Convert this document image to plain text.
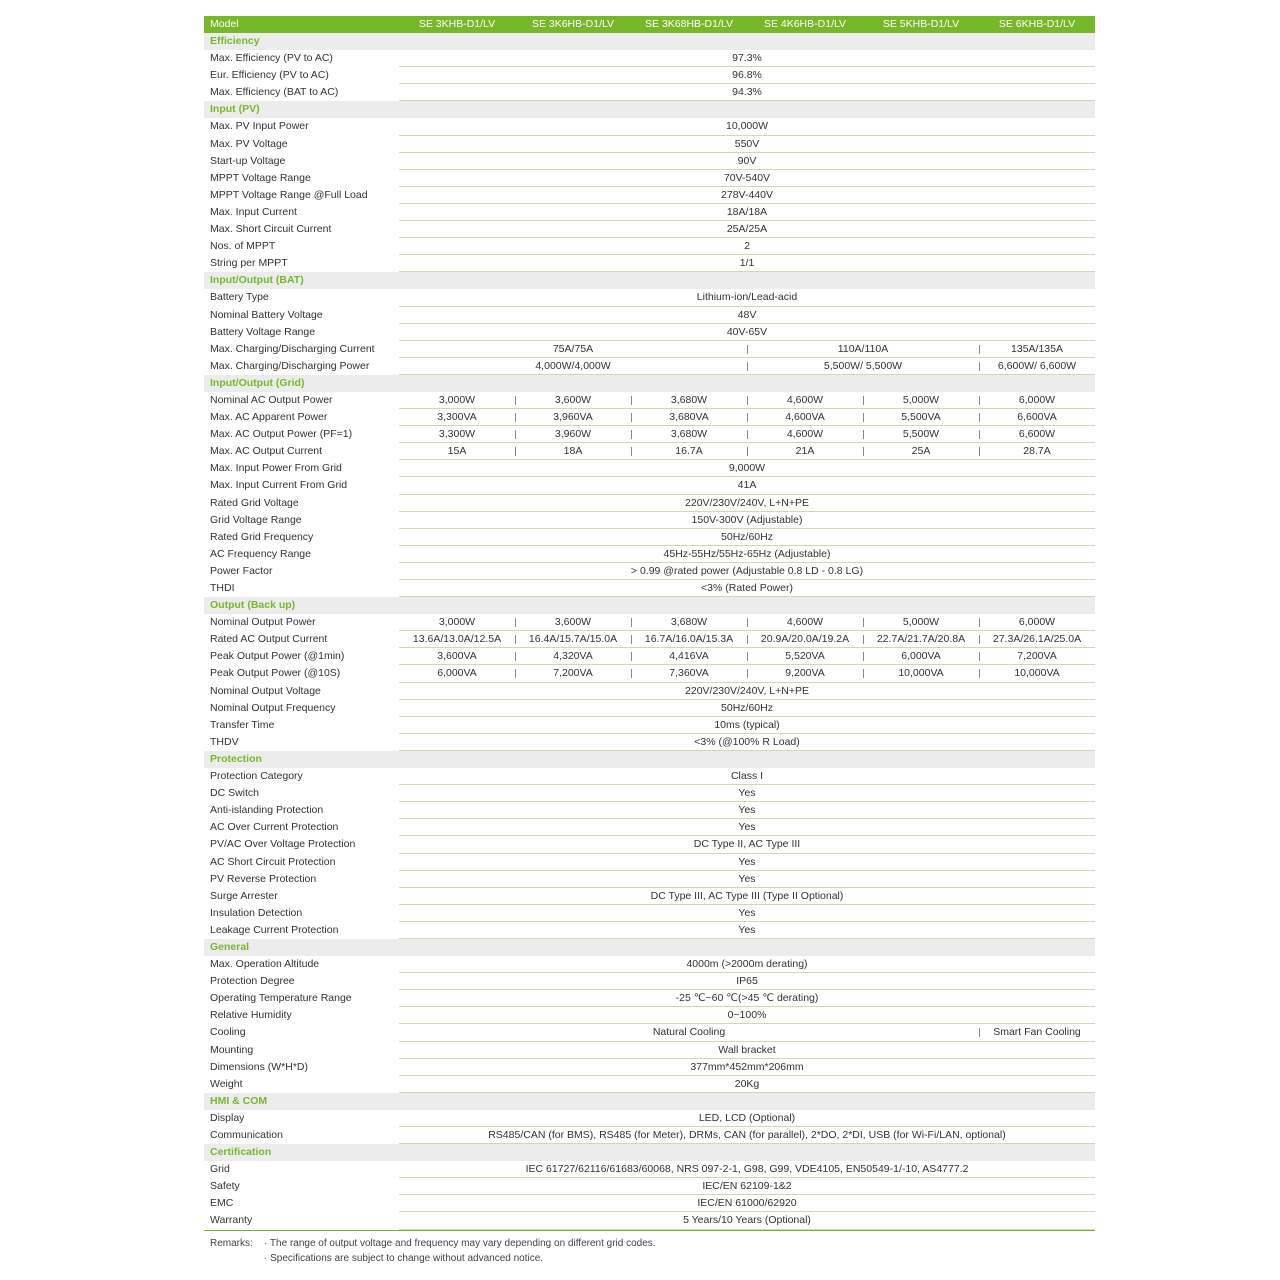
Model	SE 3KHB-D1/LV	SE 3K6HB-D1/LV	SE 3K68HB-D1/LV	SE 4K6HB-D1/LV	SE 5KHB-D1/LV	SE 6KHB-D1/LV
Efficiency
Max. Efficiency (PV to AC)	97.3%
Eur. Efficiency (PV to AC)	96.8%
Max. Efficiency (BAT to AC)	94.3%
Input (PV)
Max. PV Input Power	10,000W
Max. PV Voltage	550V
Start-up Voltage	90V
MPPT Voltage Range	70V-540V
MPPT Voltage Range @Full Load	278V-440V
Max. Input Current	18A/18A
Max. Short Circuit Current	25A/25A
Nos. of MPPT	2
String per MPPT	1/1
Input/Output (BAT)
Battery Type	Lithium-ion/Lead-acid
Nominal Battery Voltage	48V
Battery Voltage Range	40V-65V
Max. Charging/Discharging Current	75A/75A	110A/110A	135A/135A
Max. Charging/Discharging Power	4,000W/4,000W	5,500W/ 5,500W	6,600W/ 6,600W
Input/Output (Grid)
Nominal AC Output Power	3,000W	3,600W	3,680W	4,600W	5,000W	6,000W
Max. AC Apparent Power	3,300VA	3,960VA	3,680VA	4,600VA	5,500VA	6,600VA
Max. AC Output Power (PF=1)	3,300W	3,960W	3,680W	4,600W	5,500W	6,600W
Max. AC Output Current	15A	18A	16.7A	21A	25A	28.7A
Max. Input Power From Grid	9,000W
Max. Input Current From Grid	41A
Rated Grid Voltage	220V/230V/240V, L+N+PE
Grid Voltage Range	150V-300V (Adjustable)
Rated Grid Frequency	50Hz/60Hz
AC Frequency Range	45Hz-55Hz/55Hz-65Hz (Adjustable)
Power Factor	> 0.99 @rated power (Adjustable 0.8 LD - 0.8 LG)
THDI	<3% (Rated Power)
Output (Back up)
Nominal Output Power	3,000W	3,600W	3,680W	4,600W	5,000W	6,000W
Rated AC Output Current	13.6A/13.0A/12.5A	16.4A/15.7A/15.0A	16.7A/16.0A/15.3A	20.9A/20.0A/19.2A	22.7A/21.7A/20.8A	27.3A/26.1A/25.0A
Peak Output Power (@1min)	3,600VA	4,320VA	4,416VA	5,520VA	6,000VA	7,200VA
Peak Output Power (@10S)	6,000VA	7,200VA	7,360VA	9,200VA	10,000VA	10,000VA
Nominal Output Voltage	220V/230V/240V, L+N+PE
Nominal Output Frequency	50Hz/60Hz
Transfer Time	10ms (typical)
THDV	<3% (@100% R Load)
Protection
Protection Category	Class I
DC Switch	Yes
Anti-islanding Protection	Yes
AC Over Current Protection	Yes
PV/AC Over Voltage Protection	DC Type II, AC Type III
AC Short Circuit Protection	Yes
PV Reverse Protection	Yes
Surge Arrester	DC Type III, AC Type III (Type II Optional)
Insulation Detection	Yes
Leakage Current Protection	Yes
General
Max. Operation Altitude	4000m (>2000m derating)
Protection Degree	IP65
Operating Temperature Range	-25 ℃~60 ℃(>45 ℃ derating)
Relative Humidity	0~100%
Cooling	Natural Cooling	Smart Fan Cooling
Mounting	Wall bracket
Dimensions (W*H*D)	377mm*452mm*206mm
Weight	20Kg
HMI & COM
Display	LED, LCD (Optional)
Communication	RS485/CAN (for BMS), RS485 (for Meter), DRMs, CAN (for parallel), 2*DO, 2*DI, USB (for Wi-Fi/LAN, optional)
Certification
Grid	IEC 61727/62116/61683/60068, NRS 097-2-1, G98, G99, VDE4105, EN50549-1/-10, AS4777.2
Safety	IEC/EN 62109-1&2
EMC	IEC/EN 61000/62920
Warranty	5 Years/10 Years (Optional)
Remarks: · The range of output voltage and frequency may vary depending on different grid codes.
· Specifications are subject to change without advanced notice.
